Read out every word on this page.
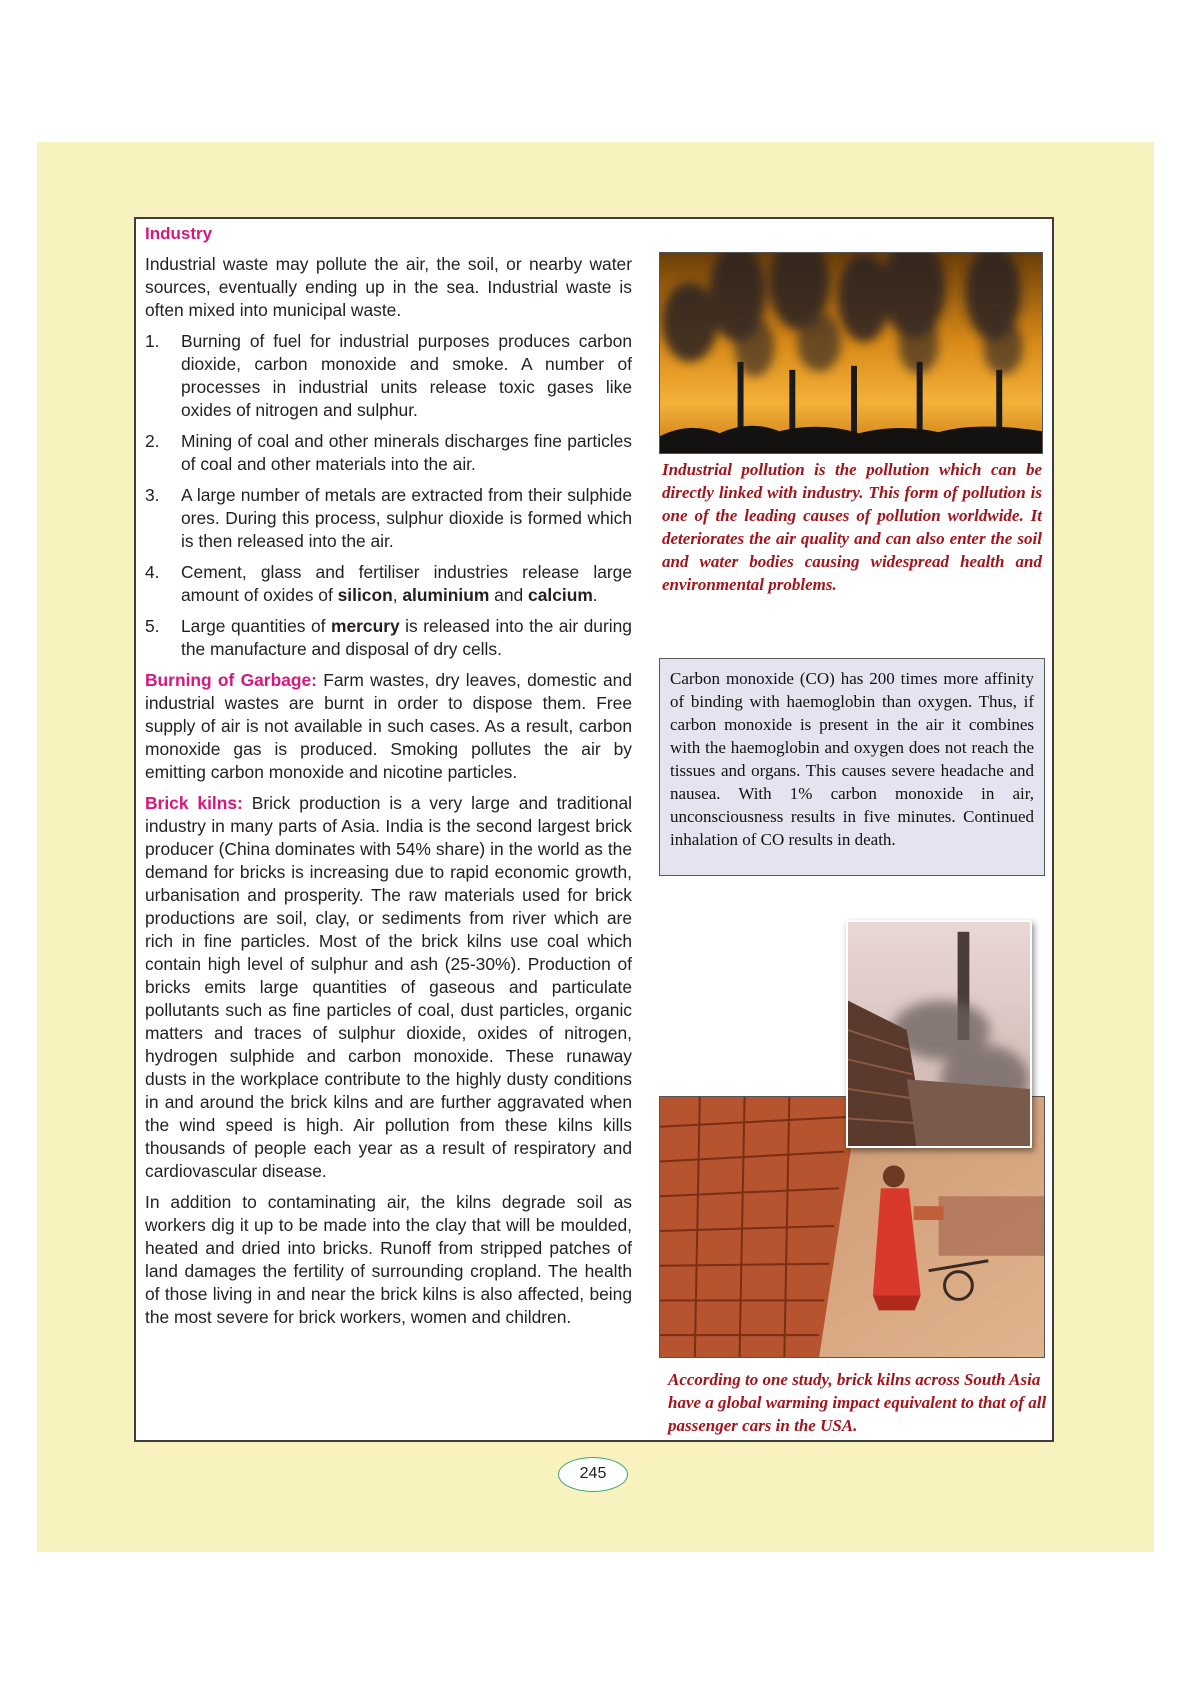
Industry

Industrial waste may pollute the air, the soil, or nearby water sources, eventually ending up in the sea. Industrial waste is often mixed into municipal waste.

1.	Burning of fuel for industrial purposes produces carbon dioxide, carbon monoxide and smoke. A number of processes in industrial units release toxic gases like oxides of nitrogen and sulphur.
2.	Mining of coal and other minerals discharges fine particles of coal and other materials into the air.
3.	A large number of metals are extracted from their sulphide ores. During this process, sulphur dioxide is formed which is then released into the air.
4.	Cement, glass and fertiliser industries release large amount of oxides of silicon, aluminium and calcium.
5.	Large quantities of mercury is released into the air during the manufacture and disposal of dry cells.

Burning of Garbage: Farm wastes, dry leaves, domestic and industrial wastes are burnt in order to dispose them. Free supply of air is not available in such cases. As a result, carbon monoxide gas is produced. Smoking pollutes the air by emitting carbon monoxide and nicotine particles.

Brick kilns: Brick production is a very large and traditional industry in many parts of Asia. India is the second largest brick producer (China dominates with 54% share) in the world as the demand for bricks is increasing due to rapid economic growth, urbanisation and prosperity. The raw materials used for brick productions are soil, clay, or sediments from river which are rich in fine particles. Most of the brick kilns use coal which contain high level of sulphur and ash (25-30%). Production of bricks emits large quantities of gaseous and particulate pollutants such as fine particles of coal, dust particles, organic matters and traces of sulphur dioxide, oxides of nitrogen, hydrogen sulphide and carbon monoxide. These runaway dusts in the workplace contribute to the highly dusty conditions in and around the brick kilns and are further aggravated when the wind speed is high. Air pollution from these kilns kills thousands of people each year as a result of respiratory and cardiovascular disease.

In addition to contaminating air, the kilns degrade soil as workers dig it up to be made into the clay that will be moulded, heated and dried into bricks. Runoff from stripped patches of land damages the fertility of surrounding cropland. The health of those living in and near the brick kilns is also affected, being the most severe for brick workers, women and children.

Industrial pollution is the pollution which can be directly linked with industry. This form of pollution is one of the leading causes of pollution worldwide. It deteriorates the air quality and can also enter the soil and water bodies causing widespread health and environmental problems.
Carbon monoxide (CO) has 200 times more affinity of binding with haemoglobin than oxygen. Thus, if carbon monoxide is present in the air it combines with the haemoglobin and oxygen does not reach the tissues and organs. This causes severe headache and nausea. With 1% carbon monoxide in air, unconsciousness results in five minutes. Continued inhalation of CO results in death.
According to one study, brick kilns across South Asia have a global warming impact equivalent to that of all passenger cars in the USA.
245
